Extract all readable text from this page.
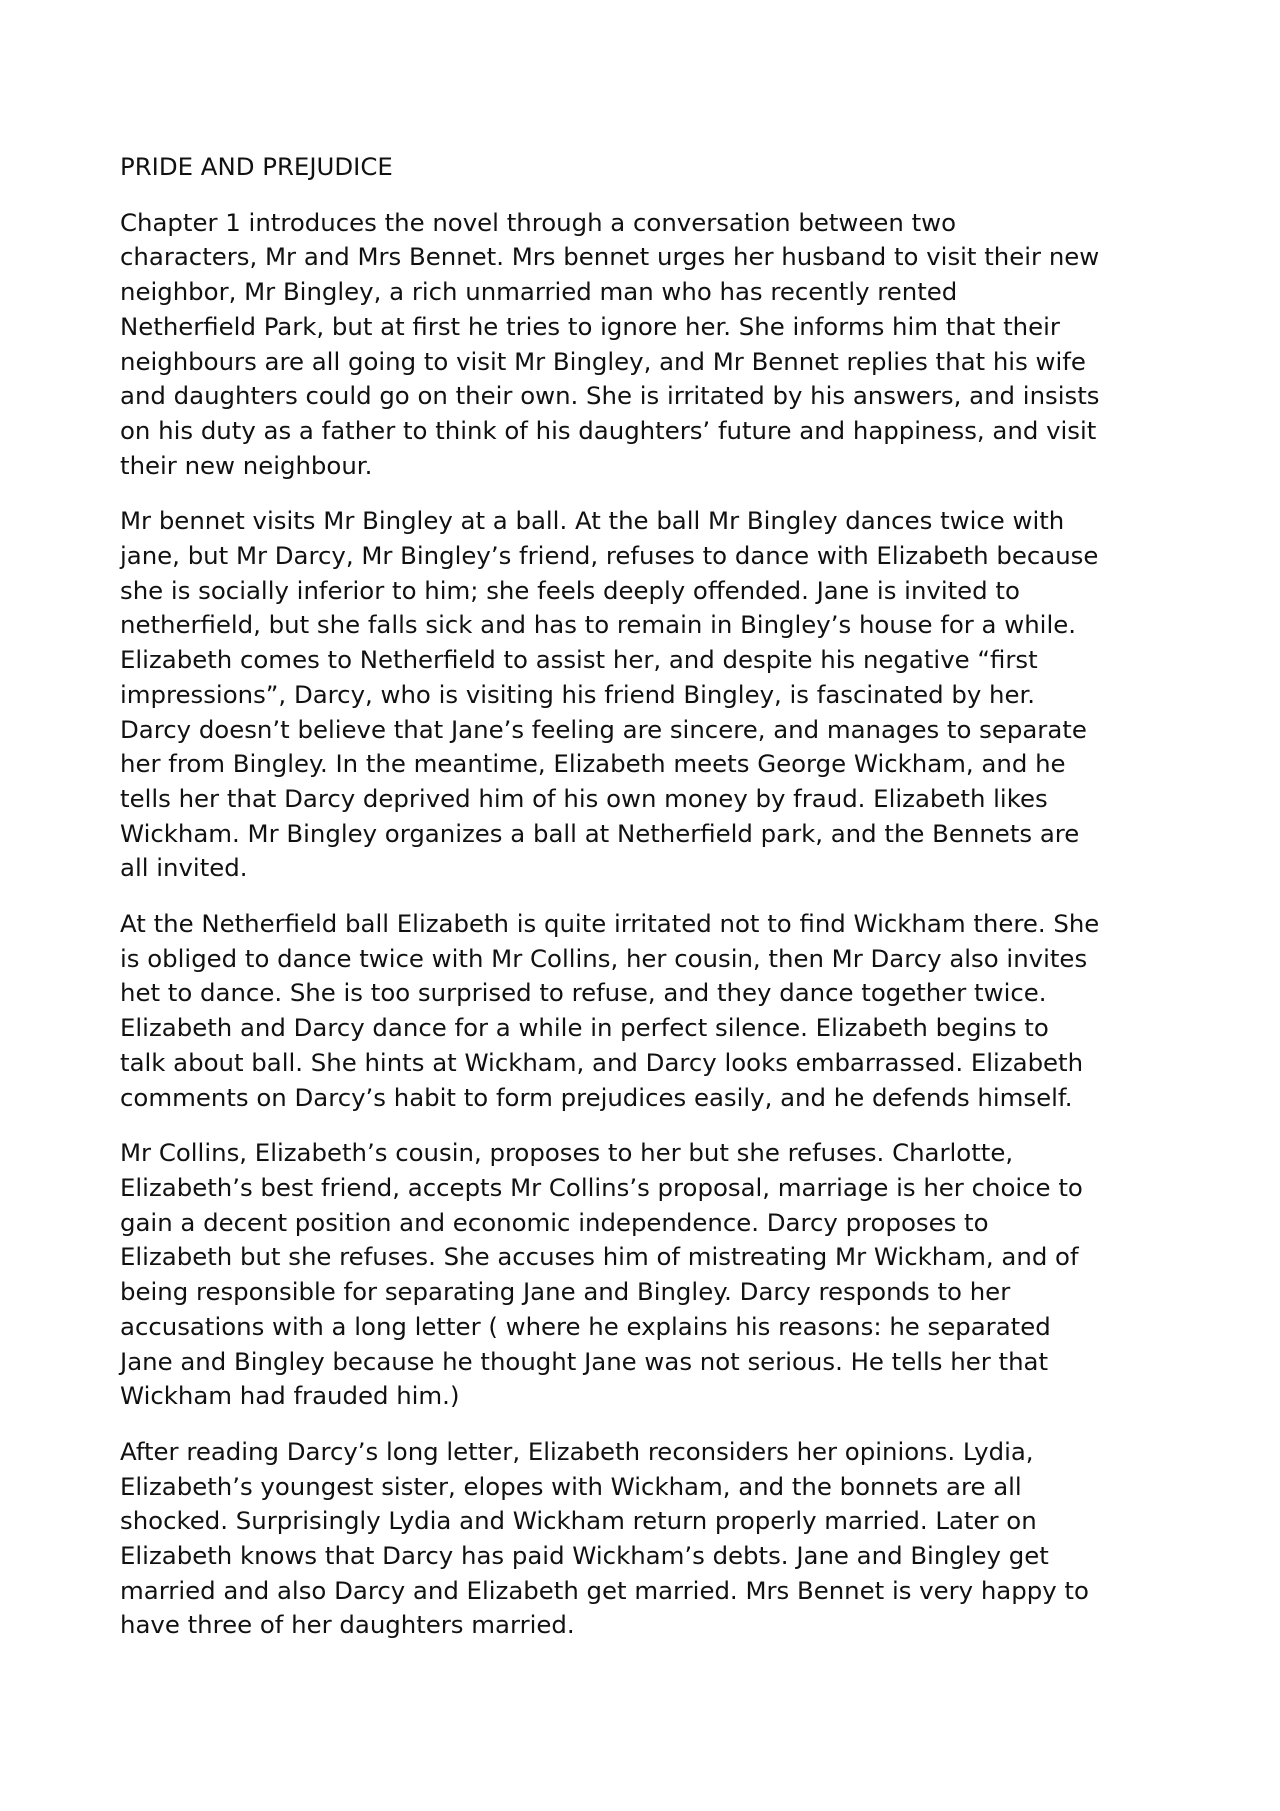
PRIDE AND PREJUDICE

Chapter 1 introduces the novel through a conversation between two
characters, Mr and Mrs Bennet. Mrs bennet urges her husband to visit their new
neighbor, Mr Bingley, a rich unmarried man who has recently rented
Netherfield Park, but at first he tries to ignore her. She informs him that their
neighbours are all going to visit Mr Bingley, and Mr Bennet replies that his wife
and daughters could go on their own. She is irritated by his answers, and insists
on his duty as a father to think of his daughters’ future and happiness, and visit
their new neighbour.

Mr bennet visits Mr Bingley at a ball. At the ball Mr Bingley dances twice with
jane, but Mr Darcy, Mr Bingley’s friend, refuses to dance with Elizabeth because
she is socially inferior to him; she feels deeply offended. Jane is invited to
netherfield, but she falls sick and has to remain in Bingley’s house for a while.
Elizabeth comes to Netherfield to assist her, and despite his negative “first
impressions”, Darcy, who is visiting his friend Bingley, is fascinated by her.
Darcy doesn’t believe that Jane’s feeling are sincere, and manages to separate
her from Bingley. In the meantime, Elizabeth meets George Wickham, and he
tells her that Darcy deprived him of his own money by fraud. Elizabeth likes
Wickham. Mr Bingley organizes a ball at Netherfield park, and the Bennets are
all invited.

At the Netherfield ball Elizabeth is quite irritated not to find Wickham there. She
is obliged to dance twice with Mr Collins, her cousin, then Mr Darcy also invites
het to dance. She is too surprised to refuse, and they dance together twice.
Elizabeth and Darcy dance for a while in perfect silence. Elizabeth begins to
talk about ball. She hints at Wickham, and Darcy looks embarrassed. Elizabeth
comments on Darcy’s habit to form prejudices easily, and he defends himself.

Mr Collins, Elizabeth’s cousin, proposes to her but she refuses. Charlotte,
Elizabeth’s best friend, accepts Mr Collins’s proposal, marriage is her choice to
gain a decent position and economic independence. Darcy proposes to
Elizabeth but she refuses. She accuses him of mistreating Mr Wickham, and of
being responsible for separating Jane and Bingley. Darcy responds to her
accusations with a long letter ( where he explains his reasons: he separated
Jane and Bingley because he thought Jane was not serious. He tells her that
Wickham had frauded him.)

After reading Darcy’s long letter, Elizabeth reconsiders her opinions. Lydia,
Elizabeth’s youngest sister, elopes with Wickham, and the bonnets are all
shocked. Surprisingly Lydia and Wickham return properly married. Later on
Elizabeth knows that Darcy has paid Wickham’s debts. Jane and Bingley get
married and also Darcy and Elizabeth get married. Mrs Bennet is very happy to
have three of her daughters married.
